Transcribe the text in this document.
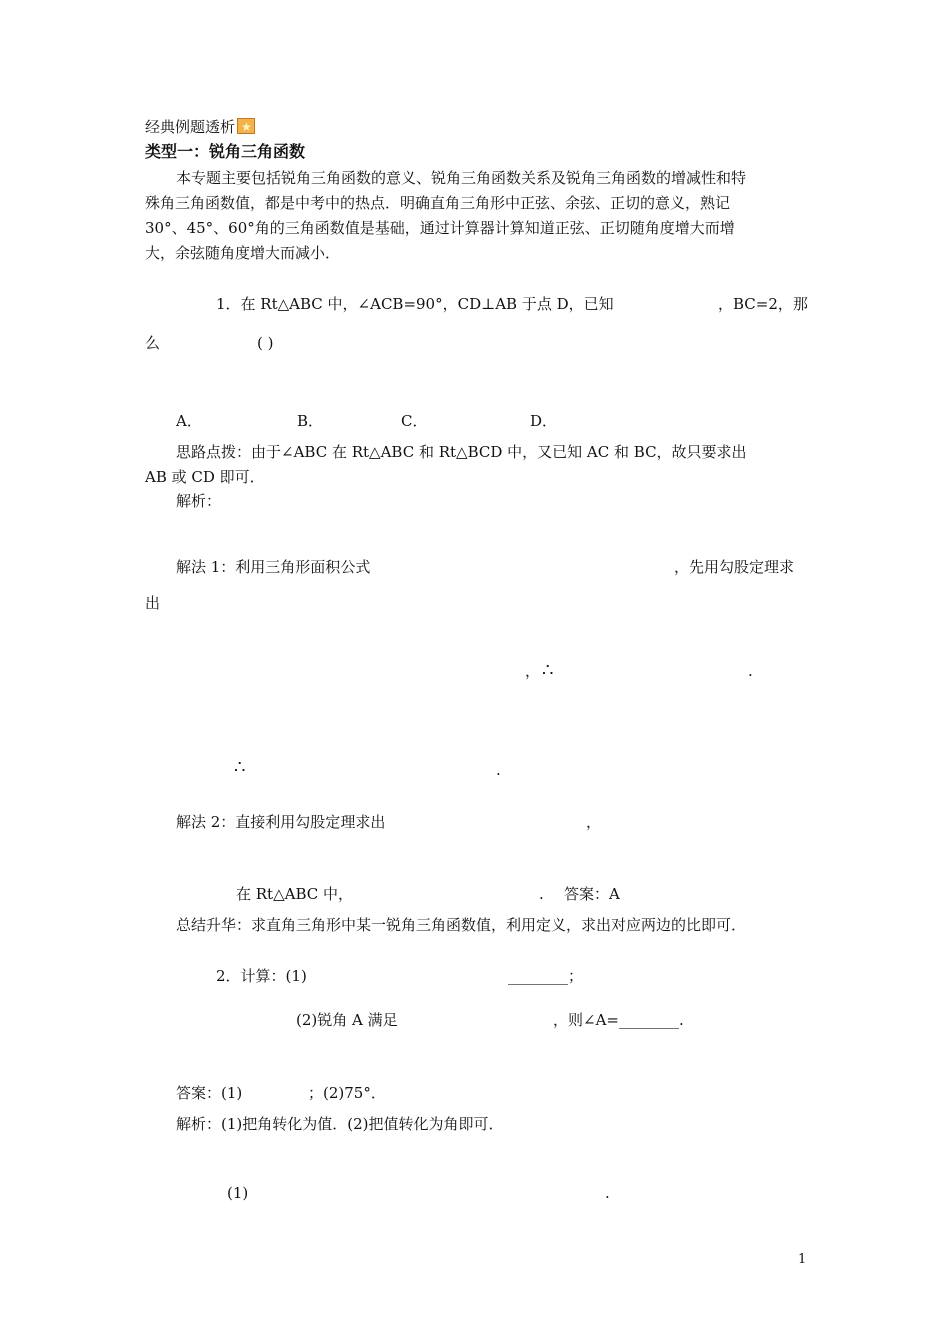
经典例题透析★
类型一：锐角三角函数
本专题主要包括锐角三角函数的意义、锐角三角函数关系及锐角三角函数的增减性和特
殊角三角函数值，都是中考中的热点．明确直角三角形中正弦、余弦、正切的意义，熟记
30°、45°、60°角的三角函数值是基础，通过计算器计算知道正弦、正切随角度增大而增
大，余弦随角度增大而减小．
1．在 Rt△ABC 中，∠ACB=90°，CD⊥AB 于点 D，已知	，BC=2，那
么	( )
A．	B．	C．	D．
思路点拨：由于∠ABC 在 Rt△ABC 和 Rt△BCD 中，又已知 AC 和 BC，故只要求出
AB 或 CD 即可．
解析：
解法 1：利用三角形面积公式	，先用勾股定理求
出
， ∴	.
∴	.
解法 2：直接利用勾股定理求出	，
在 Rt△ABC 中，	. 答案：A
总结升华：求直角三角形中某一锐角三角函数值，利用定义，求出对应两边的比即可．
2．计算：(1)	________；
(2)锐角 A 满足	，则∠A=________.
答案：(1)	；(2)75°．
解析：(1)把角转化为值．(2)把值转化为角即可．
(1)	.
1
